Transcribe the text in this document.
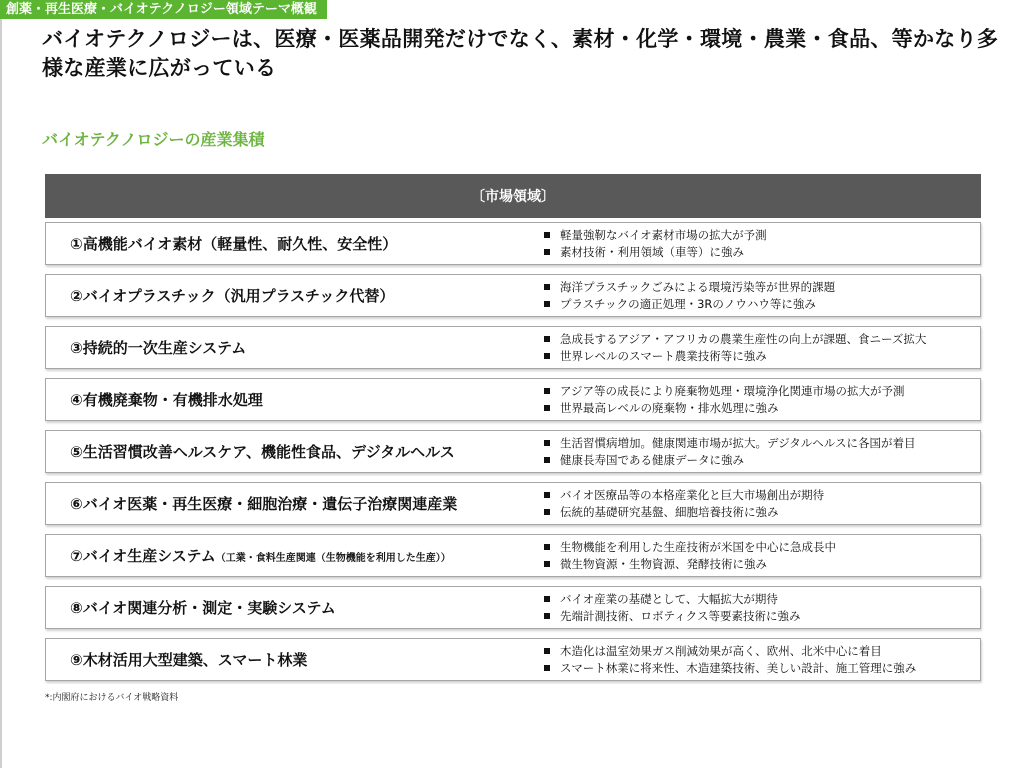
創薬・再生医療・バイオテクノロジー領域テーマ概観
バイオテクノロジーは、医療・医薬品開発だけでなく、素材・化学・環境・農業・食品、等かなり多様な産業に広がっている
バイオテクノロジーの産業集積
〔市場領域〕
①高機能バイオ素材（軽量性、耐久性、安全性）
軽量強靭なバイオ素材市場の拡大が予測
素材技術・利用領域（車等）に強み
②バイオプラスチック（汎用プラスチック代替）
海洋プラスチックごみによる環境汚染等が世界的課題
プラスチックの適正処理・3Rのノウハウ等に強み
③持続的一次生産システム
急成長するアジア・アフリカの農業生産性の向上が課題、食ニーズ拡大
世界レベルのスマート農業技術等に強み
④有機廃棄物・有機排水処理
アジア等の成長により廃棄物処理・環境浄化関連市場の拡大が予測
世界最高レベルの廃棄物・排水処理に強み
⑤生活習慣改善ヘルスケア、機能性食品、デジタルヘルス
生活習慣病増加。健康関連市場が拡大。デジタルヘルスに各国が着目
健康長寿国である健康データに強み
⑥バイオ医薬・再生医療・細胞治療・遺伝子治療関連産業
バイオ医療品等の本格産業化と巨大市場創出が期待
伝統的基礎研究基盤、細胞培養技術に強み
⑦バイオ生産システム（工業・食料生産関連（生物機能を利用した生産））
生物機能を利用した生産技術が米国を中心に急成長中
微生物資源・生物資源、発酵技術に強み
⑧バイオ関連分析・測定・実験システム
バイオ産業の基礎として、大幅拡大が期待
先端計測技術、ロボティクス等要素技術に強み
⑨木材活用大型建築、スマート林業
木造化は温室効果ガス削減効果が高く、欧州、北米中心に着目
スマート林業に将来性、木造建築技術、美しい設計、施工管理に強み
*:内閣府におけるバイオ戦略資料
